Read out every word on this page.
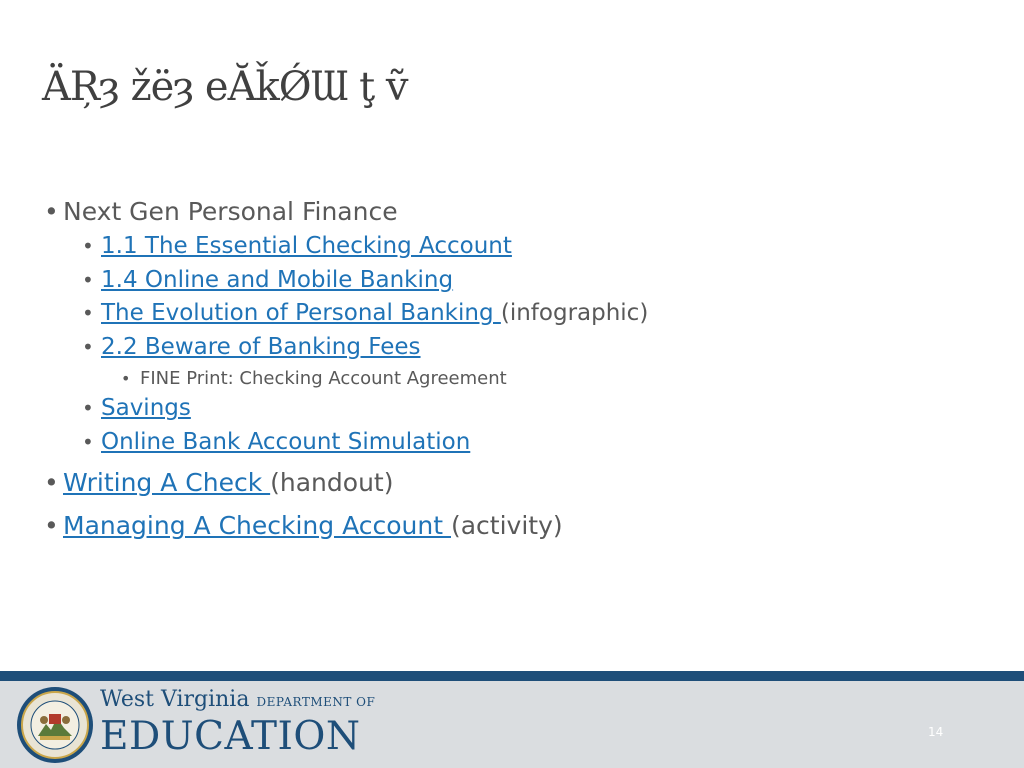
ÄŖȝ žëȝ eĂǩǾƜ ţ ṽ
• Next Gen Personal Finance
• 1.1 The Essential Checking Account
• 1.4 Online and Mobile Banking
• The Evolution of Personal Banking (infographic)
• 2.2 Beware of Banking Fees
• FINE Print: Checking Account Agreement
• Savings
• Online Bank Account Simulation
• Writing A Check (handout)
• Managing A Checking Account (activity)
West Virginia DEPARTMENT OF
EDUCATION	14
